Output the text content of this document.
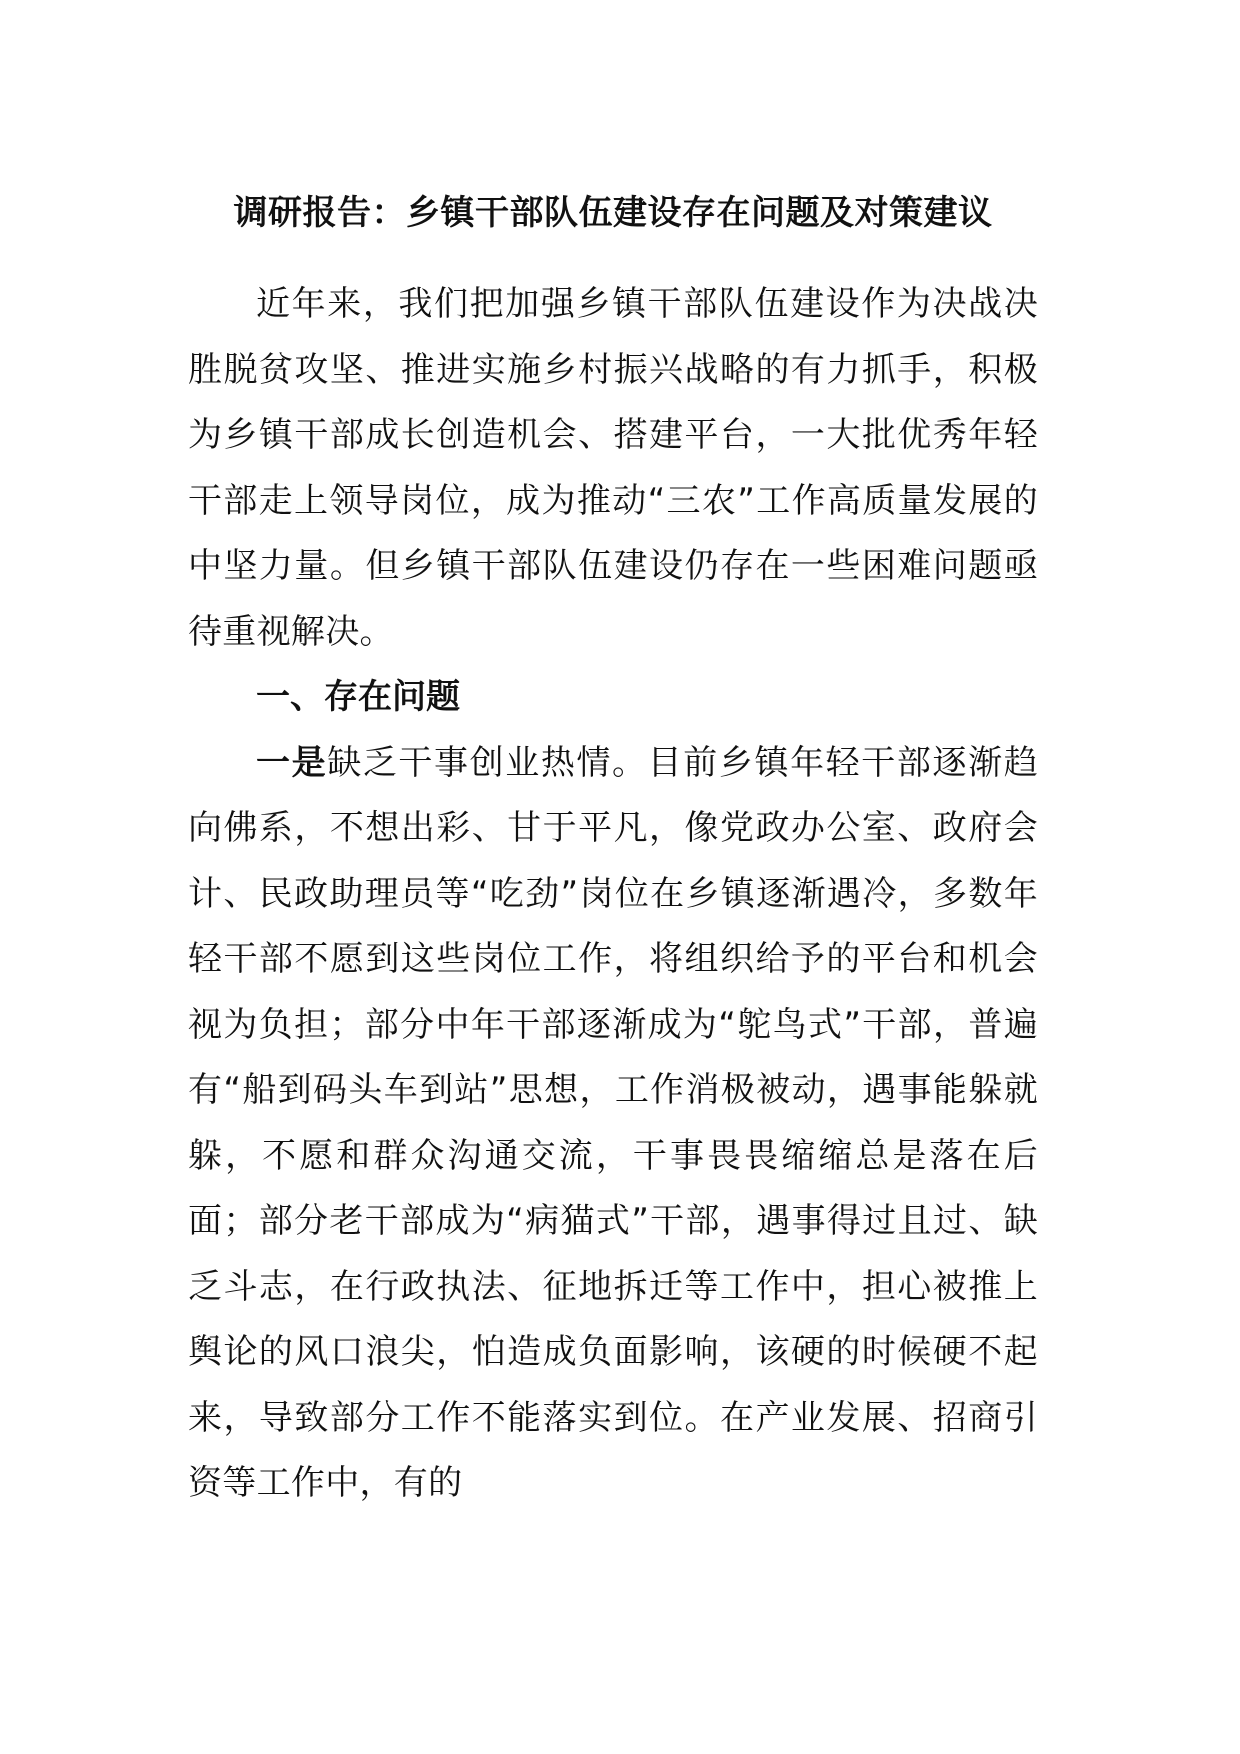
调研报告：乡镇干部队伍建设存在问题及对策建议

近年来，我们把加强乡镇干部队伍建设作为决战决胜脱贫攻坚、推进实施乡村振兴战略的有力抓手，积极为乡镇干部成长创造机会、搭建平台，一大批优秀年轻干部走上领导岗位，成为推动“三农”工作高质量发展的中坚力量。但乡镇干部队伍建设仍存在一些困难问题亟待重视解决。

一、存在问题

一是缺乏干事创业热情。目前乡镇年轻干部逐渐趋向佛系，不想出彩、甘于平凡，像党政办公室、政府会计、民政助理员等“吃劲”岗位在乡镇逐渐遇冷，多数年轻干部不愿到这些岗位工作，将组织给予的平台和机会视为负担；部分中年干部逐渐成为“鸵鸟式”干部，普遍有“船到码头车到站”思想，工作消极被动，遇事能躲就躲，不愿和群众沟通交流，干事畏畏缩缩总是落在后面；部分老干部成为“病猫式”干部，遇事得过且过、缺乏斗志，在行政执法、征地拆迁等工作中，担心被推上舆论的风口浪尖，怕造成负面影响，该硬的时候硬不起来，导致部分工作不能落实到位。在产业发展、招商引资等工作中，有的
